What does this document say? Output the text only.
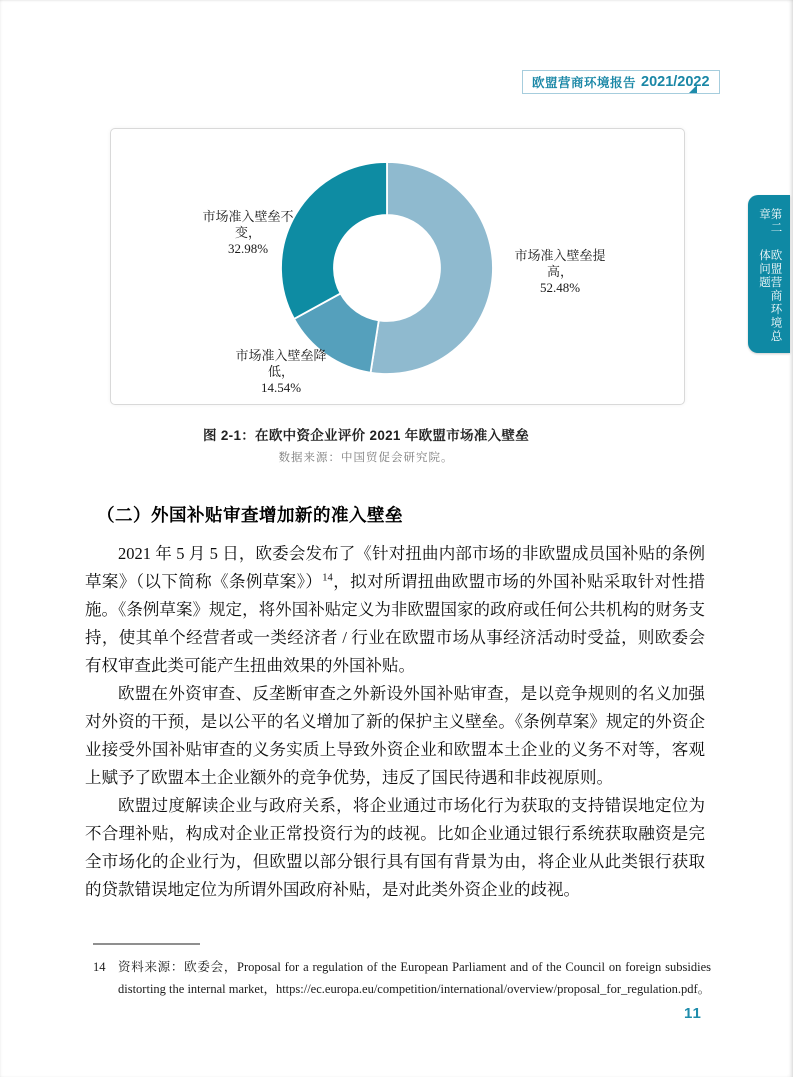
欧盟营商环境报告 2021/2022
第二章
欧盟营商环境总体问题
市场准入壁垒提高，
52.48%
市场准入壁垒降低，
14.54%
市场准入壁垒不变，
32.98%
图 2-1：在欧中资企业评价 2021 年欧盟市场准入壁垒
数据来源：中国贸促会研究院。
（二）外国补贴审查增加新的准入壁垒

2021 年 5 月 5 日，欧委会发布了《针对扭曲内部市场的非欧盟成员国补贴的条例草案》（以下简称《条例草案》）$^{14}$，拟对所谓扭曲欧盟市场的外国补贴采取针对性措施。《条例草案》规定，将外国补贴定义为非欧盟国家的政府或任何公共机构的财务支持，使其单个经营者或一类经济者 / 行业在欧盟市场从事经济活动时受益，则欧委会有权审查此类可能产生扭曲效果的外国补贴。

欧盟在外资审查、反垄断审查之外新设外国补贴审查，是以竞争规则的名义加强对外资的干预，是以公平的名义增加了新的保护主义壁垒。《条例草案》规定的外资企业接受外国补贴审查的义务实质上导致外资企业和欧盟本土企业的义务不对等，客观上赋予了欧盟本土企业额外的竞争优势，违反了国民待遇和非歧视原则。

欧盟过度解读企业与政府关系，将企业通过市场化行为获取的支持错误地定位为不合理补贴，构成对企业正常投资行为的歧视。比如企业通过银行系统获取融资是完全市场化的企业行为，但欧盟以部分银行具有国有背景为由，将企业从此类银行获取的贷款错误地定位为所谓外国政府补贴，是对此类外资企业的歧视。

14	资料来源：欧委会，Proposal for a regulation of the European Parliament and of the Council on foreign subsidies distorting the internal market，https://ec.europa.eu/competition/international/overview/proposal_for_regulation.pdf。
11
